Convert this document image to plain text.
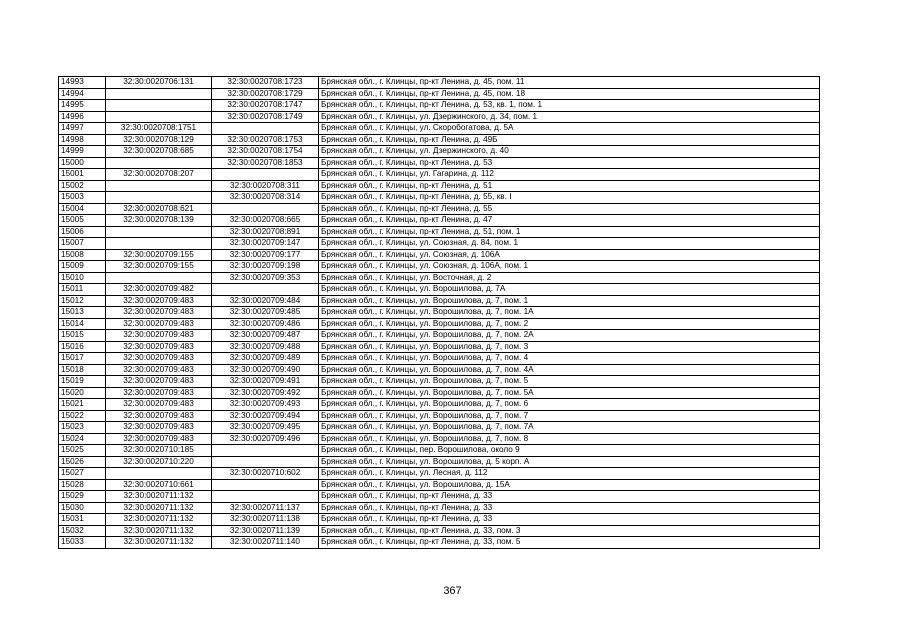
14993	32:30:0020706:131	32:30:0020708:1723	Брянская обл., г. Клинцы, пр-кт Ленина, д. 45, пом. 11
14994		32:30:0020708:1729	Брянская обл., г. Клинцы, пр-кт Ленина, д. 45, пом. 18
14995		32:30:0020708:1747	Брянская обл., г. Клинцы, пр-кт Ленина, д. 53, кв. 1, пом. 1
14996		32:30:0020708:1749	Брянская обл., г. Клинцы, ул. Дзержинского, д. 34, пом. 1
14997	32:30:0020708:1751		Брянская обл., г. Клинцы, ул. Скоробогатова, д. 5А
14998	32:30:0020708:129	32:30:0020708:1753	Брянская обл., г. Клинцы, пр-кт Ленина, д. 49Б
14999	32:30:0020708:685	32:30:0020708:1754	Брянская обл., г. Клинцы, ул. Дзержинского, д. 40
15000		32:30:0020708:1853	Брянская обл., г. Клинцы, пр-кт Ленина, д. 53
15001	32:30:0020708:207		Брянская обл., г. Клинцы, ул. Гагарина, д. 112
15002		32:30:0020708:311	Брянская обл., г. Клинцы, пр-кт Ленина, д. 51
15003		32:30:0020708:314	Брянская обл., г. Клинцы, пр-кт Ленина, д. 55, кв. I
15004	32:30:0020708:621		Брянская обл., г. Клинцы, пр-кт Ленина, д. 55
15005	32:30:0020708:139	32:30:0020708:665	Брянская обл., г. Клинцы, пр-кт Ленина, д. 47
15006		32:30:0020708:891	Брянская обл., г. Клинцы, пр-кт Ленина, д. 51, пом. 1
15007		32:30:0020709:147	Брянская обл., г. Клинцы, ул. Союзная, д. 84, пом. 1
15008	32:30:0020709:155	32:30:0020709:177	Брянская обл., г. Клинцы, ул. Союзная, д. 106А
15009	32:30:0020709:155	32:30:0020709:198	Брянская обл., г. Клинцы, ул. Союзная, д. 106А, пом. 1
15010		32:30:0020709:353	Брянская обл., г. Клинцы, ул. Восточная, д. 2
15011	32:30:0020709:482		Брянская обл., г. Клинцы, ул. Ворошилова, д. 7А
15012	32:30:0020709:483	32:30:0020709:484	Брянская обл., г. Клинцы, ул. Ворошилова, д. 7, пом. 1
15013	32:30:0020709:483	32:30:0020709:485	Брянская обл., г. Клинцы, ул. Ворошилова, д. 7, пом. 1А
15014	32:30:0020709:483	32:30:0020709:486	Брянская обл., г. Клинцы, ул. Ворошилова, д. 7, пом. 2
15015	32:30:0020709:483	32:30:0020709:487	Брянская обл., г. Клинцы, ул. Ворошилова, д. 7, пом. 2А
15016	32:30:0020709:483	32:30:0020709:488	Брянская обл., г. Клинцы, ул. Ворошилова, д. 7, пом. 3
15017	32:30:0020709:483	32:30:0020709:489	Брянская обл., г. Клинцы, ул. Ворошилова, д. 7, пом. 4
15018	32:30:0020709:483	32:30:0020709:490	Брянская обл., г. Клинцы, ул. Ворошилова, д. 7, пом. 4А
15019	32:30:0020709:483	32:30:0020709:491	Брянская обл., г. Клинцы, ул. Ворошилова, д. 7, пом. 5
15020	32:30:0020709:483	32:30:0020709:492	Брянская обл., г. Клинцы, ул. Ворошилова, д. 7, пом. 5А
15021	32:30:0020709:483	32:30:0020709:493	Брянская обл., г. Клинцы, ул. Ворошилова, д. 7, пом. 6
15022	32:30:0020709:483	32:30:0020709:494	Брянская обл., г. Клинцы, ул. Ворошилова, д. 7, пом. 7
15023	32:30:0020709:483	32:30:0020709:495	Брянская обл., г. Клинцы, ул. Ворошилова, д. 7, пом. 7А
15024	32:30:0020709:483	32:30:0020709:496	Брянская обл., г. Клинцы, ул. Ворошилова, д. 7, пом. 8
15025	32:30:0020710:185		Брянская обл., г. Клинцы, пер. Ворошилова, около 9
15026	32:30:0020710:220		Брянская обл., г. Клинцы, ул. Ворошилова, д. 5 корп. А
15027		32:30:0020710:602	Брянская обл., г. Клинцы, ул. Лесная, д. 112
15028	32:30:0020710:661		Брянская обл., г. Клинцы, ул. Ворошилова, д. 15А
15029	32:30:0020711:132		Брянская обл., г. Клинцы, пр-кт Ленина, д. 33
15030	32:30:0020711:132	32:30:0020711:137	Брянская обл., г. Клинцы, пр-кт Ленина, д. 33
15031	32:30:0020711:132	32:30:0020711:138	Брянская обл., г. Клинцы, пр-кт Ленина, д. 33
15032	32:30:0020711:132	32:30:0020711:139	Брянская обл., г. Клинцы, пр-кт Ленина, д. 33, пом. 3
15033	32:30:0020711:132	32:30:0020711:140	Брянская обл., г. Клинцы, пр-кт Ленина, д. 33, пом. 5
367
